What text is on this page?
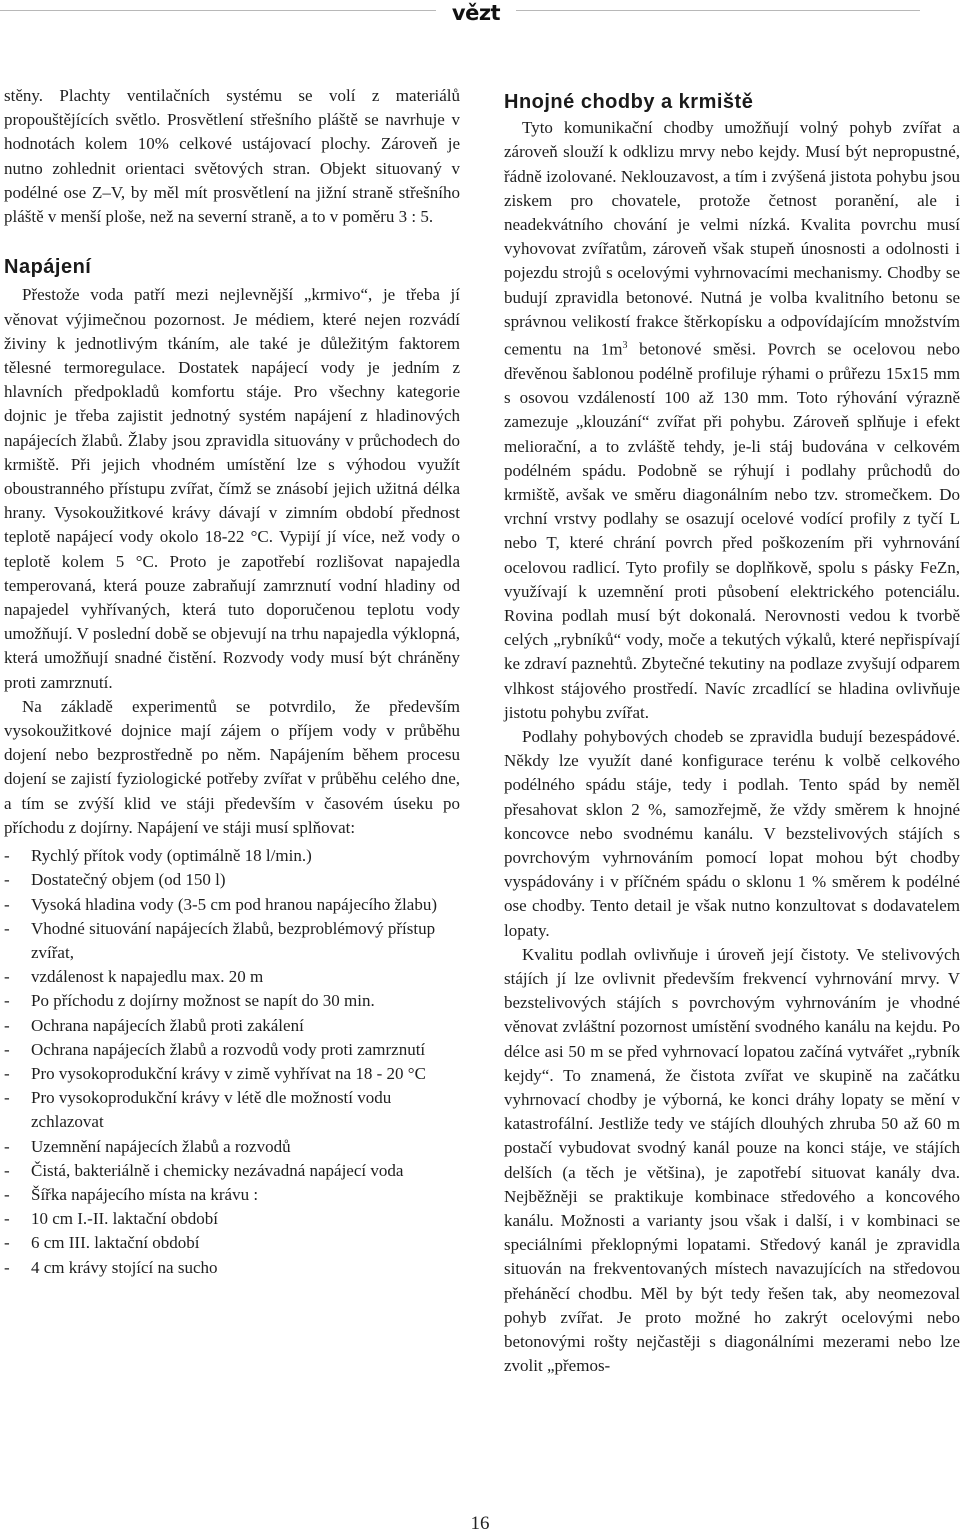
vězt

stěny. Plachty ventilačních systému se volí z materiálů propouštějících světlo. Prosvětlení střešního pláště se navrhuje v hodnotách kolem 10% celkové ustájovací plochy. Zároveň je nutno zohlednit orientaci světových stran. Objekt situovaný v podélné ose Z–V, by měl mít prosvětlení na jižní straně střešního pláště v menší ploše, než na severní straně, a to v poměru 3 : 5.

Napájení

Přestože voda patří mezi nejlevnější „krmivo“, je třeba jí věnovat výjimečnou pozornost. Je médiem, které nejen rozvádí živiny k jednotlivým tkáním, ale také je důležitým faktorem tělesné termoregulace. Dostatek napájecí vody je jedním z hlavních předpokladů komfortu stáje. Pro všechny kategorie dojnic je třeba zajistit jednotný systém napájení z hladinových napájecích žlabů. Žlaby jsou zpravidla situovány v průchodech do krmiště. Při jejich vhodném umístění lze s výhodou využít oboustranného přístupu zvířat, čímž se znásobí jejich užitná délka hrany. Vysokoužitkové krávy dávají v zimním období přednost teplotě napájecí vody okolo 18-22 °C. Vypijí jí více, než vody o teplotě kolem 5 °C. Proto je zapotřebí rozlišovat napajedla temperovaná, která pouze zabraňují zamrznutí vodní hladiny od napajedel vyhřívaných, která tuto doporučenou teplotu vody umožňují. V poslední době se objevují na trhu napajedla výklopná, která umožňují snadné čistění. Rozvody vody musí být chráněny proti zamrznutí.

Na základě experimentů se potvrdilo, že především vysokoužitkové dojnice mají zájem o příjem vody v průběhu dojení nebo bezprostředně po něm. Napájením během procesu dojení se zajistí fyziologické potřeby zvířat v průběhu celého dne, a tím se zvýší klid ve stáji především v časovém úseku po příchodu z dojírny. Napájení ve stáji musí splňovat:

- Rychlý přítok vody (optimálně 18 l/min.)
- Dostatečný objem (od 150 l)
- Vysoká hladina vody (3-5 cm pod hranou napájecího žlabu)
- Vhodné situování napájecích žlabů, bezproblémový přístup zvířat,
- vzdálenost k napajedlu max. 20 m
- Po příchodu z dojírny možnost se napít do 30 min.
- Ochrana napájecích žlabů proti zakálení
- Ochrana napájecích žlabů a rozvodů vody proti zamrznutí
- Pro vysokoprodukční krávy v zimě vyhřívat na 18 - 20 °C
- Pro vysokoprodukční krávy v létě dle možností vodu zchlazovat
- Uzemnění napájecích žlabů a rozvodů
- Čistá, bakteriálně i chemicky nezávadná napájecí voda
- Šířka napájecího místa na krávu :
- 10 cm I.-II. laktační období
- 6 cm III. laktační období
- 4 cm krávy stojící na sucho
Hnojné chodby a krmiště

Tyto komunikační chodby umožňují volný pohyb zvířat a zároveň slouží k odklizu mrvy nebo kejdy. Musí být nepropustné, řádně izolované. Neklouzavost, a tím i zvýšená jistota pohybu jsou ziskem pro chovatele, protože četnost poranění, ale i neadekvátního chování je velmi nízká. Kvalita povrchu musí vyhovovat zvířatům, zároveň však stupeň únosnosti a odolnosti i pojezdu strojů s ocelovými vyhrnovacími mechanismy. Chodby se budují zpravidla betonové. Nutná je volba kvalitního betonu se správnou velikostí frakce štěrkopísku a odpovídajícím množstvím cementu na $1m^3$ betonové směsi. Povrch se ocelovou nebo dřevěnou šablonou podélně profiluje rýhami o průřezu 15x15 mm s osovou vzdáleností 100 až 130 mm. Toto rýhování výrazně zamezuje „klouzání“ zvířat při pohybu. Zároveň splňuje i efekt meliorační, a to zvláště tehdy, je-li stáj budována v celkovém podélném spádu. Podobně se rýhují i podlahy průchodů do krmiště, avšak ve směru diagonálním nebo tzv. stromečkem. Do vrchní vrstvy podlahy se osazují ocelové vodící profily z tyčí L nebo T, které chrání povrch před poškozením při vyhrnování ocelovou radlicí. Tyto profily se doplňkově, spolu s pásky FeZn, využívají k uzemnění proti působení elektrického potenciálu. Rovina podlah musí být dokonalá. Nerovnosti vedou k tvorbě celých „rybníků“ vody, moče a tekutých výkalů, které nepřispívají ke zdraví paznehtů. Zbytečné tekutiny na podlaze zvyšují odparem vlhkost stájového prostředí. Navíc zrcadlící se hladina ovlivňuje jistotu pohybu zvířat.

Podlahy pohybových chodeb se zpravidla budují bezespádové. Někdy lze využít dané konfigurace terénu k volbě celkového podélného spádu stáje, tedy i podlah. Tento spád by neměl přesahovat sklon 2 %, samozřejmě, že vždy směrem k hnojné koncovce nebo svodnému kanálu. V bezstelivových stájích s povrchovým vyhrnováním pomocí lopat mohou být chodby vyspádovány i v příčném spádu o sklonu 1 % směrem k podélné ose chodby. Tento detail je však nutno konzultovat s dodavatelem lopaty.

Kvalitu podlah ovlivňuje i úroveň její čistoty. Ve stelivových stájích jí lze ovlivnit především frekvencí vyhrnování mrvy. V bezstelivových stájích s povrchovým vyhrnováním je vhodné věnovat zvláštní pozornost umístění svodného kanálu na kejdu. Po délce asi 50 m se před vyhrnovací lopatou začíná vytvářet „rybník kejdy“. To znamená, že čistota zvířat ve skupině na začátku vyhrnovací chodby je výborná, ke konci dráhy lopaty se mění v katastrofální. Jestliže tedy ve stájích dlouhých zhruba 50 až 60 m postačí vybudovat svodný kanál pouze na konci stáje, ve stájích delších (a těch je většina), je zapotřebí situovat kanály dva. Nejběžněji se praktikuje kombinace středového a koncového kanálu. Možnosti a varianty jsou však i další, i v kombinaci se speciálními překlopnými lopatami. Středový kanál je zpravidla situován na frekventovaných místech navazujících na středovou přeháněcí chodbu. Měl by být tedy řešen tak, aby neomezoval pohyb zvířat. Je proto možné ho zakrýt ocelovými nebo betonovými rošty nejčastěji s diagonálními mezerami nebo lze zvolit „přemos-

16
